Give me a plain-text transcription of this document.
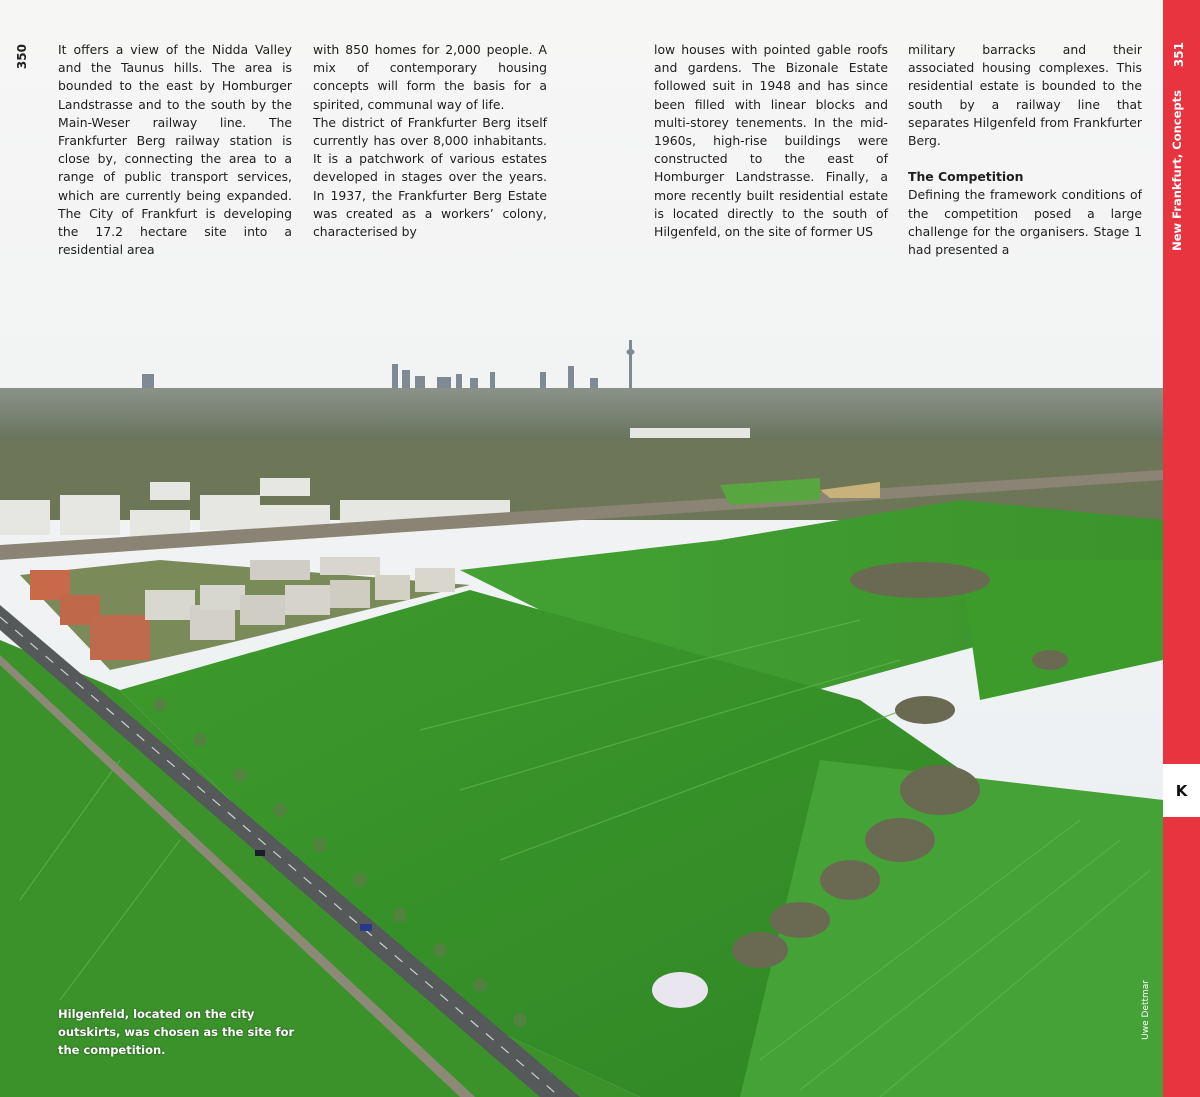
350 It offers a view of the Nidda Valley and the Taunus hills. The area is bounded to the east by Homburger Landstrasse and to the south by the Main-Weser railway line. The Frankfurter Berg railway station is close by, connecting the area to a range of public transport services, which are currently being expanded. The City of Frankfurt is developing the 17.2 hectare site into a residential area

with 850 homes for 2,000 people. A mix of contemporary housing concepts will form the basis for a spirited, communal way of life.

The district of Frankfurter Berg itself currently has over 8,000 inhabitants. It is a patchwork of various estates developed in stages over the years. In 1937, the Frankfurter Berg Estate was created as a workers’ colony, characterised by

low houses with pointed gable roofs and gardens. The Bizonale Estate followed suit in 1948 and has since been filled with linear blocks and multi-storey tenements. In the mid-1960s, high-rise buildings were constructed to the east of Homburger Landstrasse. Finally, a more recently built residential estate is located directly to the south of Hilgenfeld, on the site of former US

military barracks and their associated housing complexes. This residential estate is bounded to the south by a railway line that separates Hilgenfeld from Frankfurter Berg.

The Competition

Defining the framework conditions of the competition posed a large challenge for the organisers. Stage 1 had presented a

Hilgenfeld, located on the city outskirts, was chosen as the site for the competition.
Uwe Dettmar
351
New Frankfurt, Concepts
K
